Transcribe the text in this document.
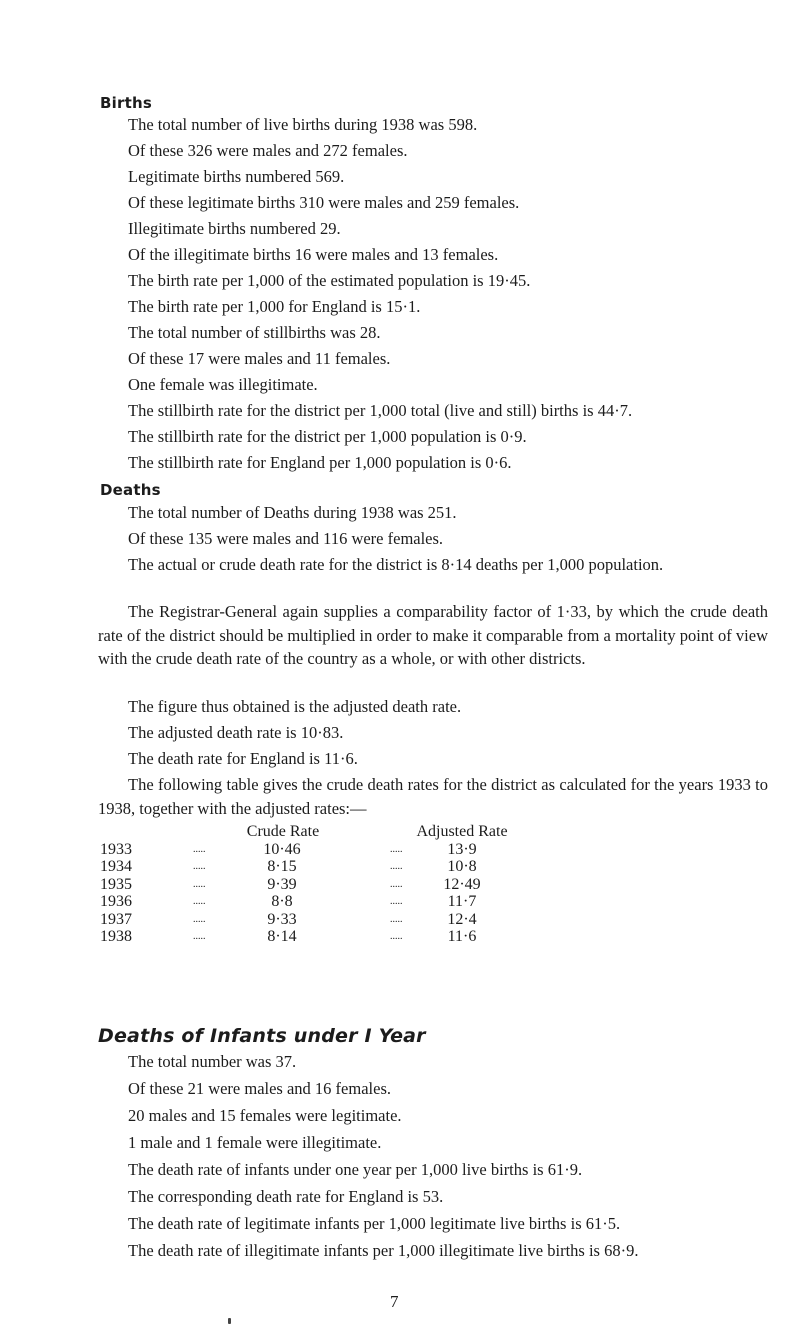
Births
The total number of live births during 1938 was 598.
Of these 326 were males and 272 females.
Legitimate births numbered 569.
Of these legitimate births 310 were males and 259 females.
Illegitimate births numbered 29.
Of the illegitimate births 16 were males and 13 females.
The birth rate per 1,000 of the estimated population is 19·45.
The birth rate per 1,000 for England is 15·1.
The total number of stillbirths was 28.
Of these 17 were males and 11 females.
One female was illegitimate.
The stillbirth rate for the district per 1,000 total (live and still) births is 44·7.
The stillbirth rate for the district per 1,000 population is 0·9.
The stillbirth rate for England per 1,000 population is 0·6.
Deaths
The total number of Deaths during 1938 was 251.
Of these 135 were males and 116 were females.
The actual or crude death rate for the district is 8·14 deaths per 1,000 population.
The Registrar-General again supplies a comparability factor of 1·33, by which the crude death rate of the district should be multiplied in order to make it comparable from a mortality point of view with the crude death rate of the country as a whole, or with other districts.
The figure thus obtained is the adjusted death rate.
The adjusted death rate is 10·83.
The death rate for England is 11·6.
The following table gives the crude death rates for the district as calculated for the years 1933 to 1938, together with the adjusted rates:—
Crude Rate	Adjusted Rate
1933	.....	10·46	.....	13·9
1934	.....	8·15	.....	10·8
1935	.....	9·39	.....	12·49
1936	.....	8·8	.....	11·7
1937	.....	9·33	.....	12·4
1938	.....	8·14	.....	11·6
Deaths of Infants under I Year
The total number was 37.
Of these 21 were males and 16 females.
20 males and 15 females were legitimate.
1 male and 1 female were illegitimate.
The death rate of infants under one year per 1,000 live births is 61·9.
The corresponding death rate for England is 53.
The death rate of legitimate infants per 1,000 legitimate live births is 61·5.
The death rate of illegitimate infants per 1,000 illegitimate live births is 68·9.
7
